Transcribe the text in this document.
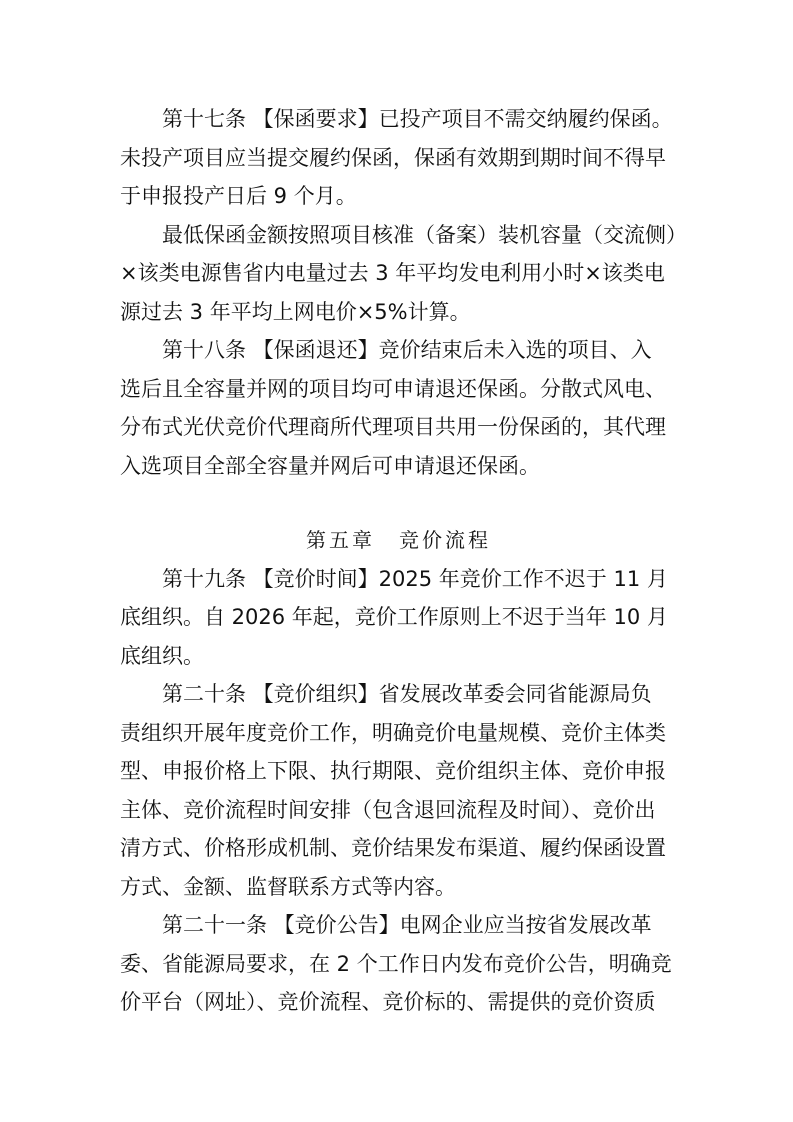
第十七条 【保函要求】已投产项目不需交纳履约保函。

未投产项目应当提交履约保函，保函有效期到期时间不得早

于申报投产日后 9 个月。

最低保函金额按照项目核准（备案）装机容量（交流侧）

×该类电源售省内电量过去 3 年平均发电利用小时×该类电

源过去 3 年平均上网电价×5%计算。

第十八条 【保函退还】竞价结束后未入选的项目、入

选后且全容量并网的项目均可申请退还保函。分散式风电、

分布式光伏竞价代理商所代理项目共用一份保函的，其代理

入选项目全部全容量并网后可申请退还保函。

第五章 竞价流程

第十九条 【竞价时间】2025 年竞价工作不迟于 11 月

底组织。自 2026 年起，竞价工作原则上不迟于当年 10 月

底组织。

第二十条 【竞价组织】省发展改革委会同省能源局负

责组织开展年度竞价工作，明确竞价电量规模、竞价主体类

型、申报价格上下限、执行期限、竞价组织主体、竞价申报

主体、竞价流程时间安排（包含退回流程及时间）、竞价出

清方式、价格形成机制、竞价结果发布渠道、履约保函设置

方式、金额、监督联系方式等内容。

第二十一条 【竞价公告】电网企业应当按省发展改革

委、省能源局要求，在 2 个工作日内发布竞价公告，明确竞

价平台（网址）、竞价流程、竞价标的、需提供的竞价资质
